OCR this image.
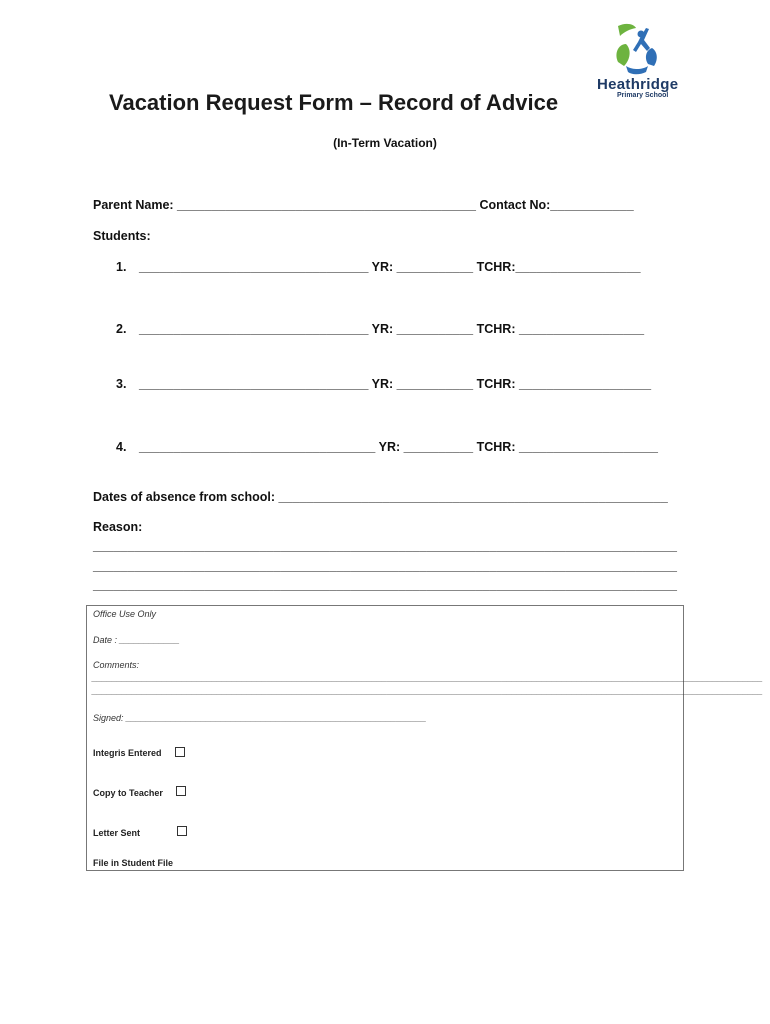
Heathridge
Primary School
Vacation Request Form – Record of Advice
(In-Term Vacation)
Parent Name: ___________________________________________ Contact No:____________
Students:
1. _________________________________ YR: ___________ TCHR:__________________
2. _________________________________ YR: ___________ TCHR: __________________
3. _________________________________ YR: ___________ TCHR: ___________________
4. __________________________________ YR: __________ TCHR: ____________________
Dates of absence from school: ________________________________________________________
Reason:
____________________________________________________________________________________
____________________________________________________________________________________
____________________________________________________________________________________
Office Use Only
Date : ____________
Comments:
______________________________________________________________________________________________________________________________________
______________________________________________________________________________________________________________________________________
Signed: ____________________________________________________________
Integris Entered
Copy to Teacher
Letter Sent
File in Student File
